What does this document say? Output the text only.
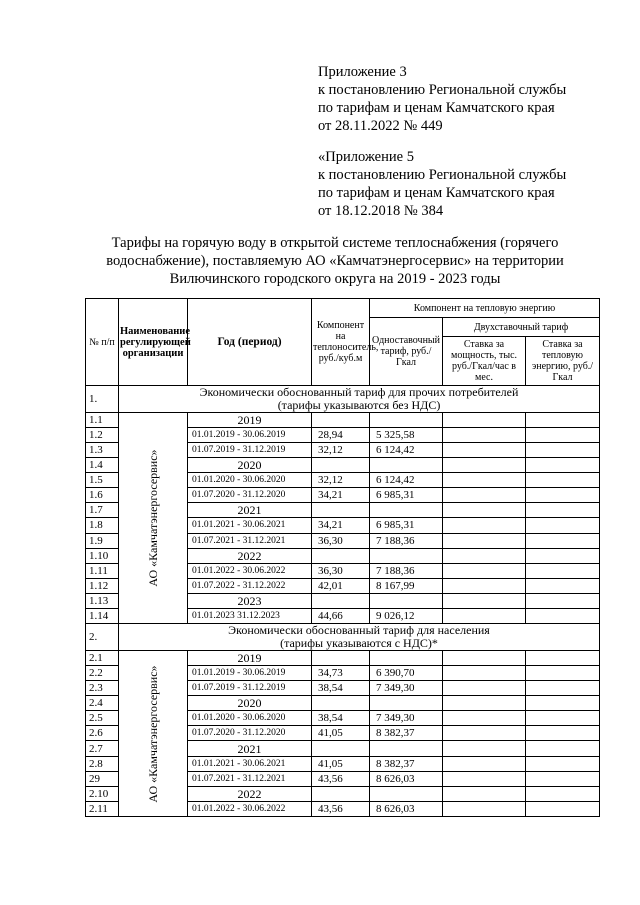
Приложение 3
к постановлению Региональной службы
по тарифам и ценам Камчатского края
от 28.11.2022 № 449
«Приложение 5
к постановлению Региональной службы
по тарифам и ценам Камчатского края
от 18.12.2018 № 384
Тарифы на горячую воду в открытой системе теплоснабжения (горячего
водоснабжение), поставляемую АО «Камчатэнергосервис» на территории
Вилючинского городского округа на 2019 - 2023 годы
№ п/п	Наименование регулирующей организации	Год (период)	Компонент на теплоноситель, руб./куб.м	Компонент на тепловую энергию		
				Одноставочный тариф, руб./Гкал	Двухставочный тариф	
					Ставка за мощность, тыс. руб./Гкал/час в мес.	Ставка за тепловую энергию, руб./Гкал
1.	Экономически обоснованный тариф для прочих потребителей
(тарифы указываются без НДС)					

1.1	АО «Камчатэнергосервис»	2019				
1.2		01.01.2019 - 30.06.2019	28,94	5 325,58		
1.3		01.07.2019 - 31.12.2019	32,12	6 124,42		
1.4		2020				
1.5		01.01.2020 - 30.06.2020	32,12	6 124,42		
1.6		01.07.2020 - 31.12.2020	34,21	6 985,31		
1.7		2021				
1.8		01.01.2021 - 30.06.2021	34,21	6 985,31		
1.9		01.07.2021 - 31.12.2021	36,30	7 188,36		
1.10		2022				
1.11		01.01.2022 - 30.06.2022	36,30	7 188,36		
1.12		01.07.2022 - 31.12.2022	42,01	8 167,99		
1.13		2023				
1.14		01.01.2023 31.12.2023	44,66	9 026,12		
2.	Экономически обоснованный тариф для населения
(тарифы указываются с НДС)*					

2.1	АО «Камчатэнергосервис»	2019				
2.2		01.01.2019 - 30.06.2019	34,73	6 390,70		
2.3		01.07.2019 - 31.12.2019	38,54	7 349,30		
2.4		2020				
2.5		01.01.2020 - 30.06.2020	38,54	7 349,30		
2.6		01.07.2020 - 31.12.2020	41,05	8 382,37		
2.7		2021				
2.8		01.01.2021 - 30.06.2021	41,05	8 382,37		
29		01.07.2021 - 31.12.2021	43,56	8 626,03		
2.10		2022				
2.11		01.01.2022 - 30.06.2022	43,56	8 626,03		
